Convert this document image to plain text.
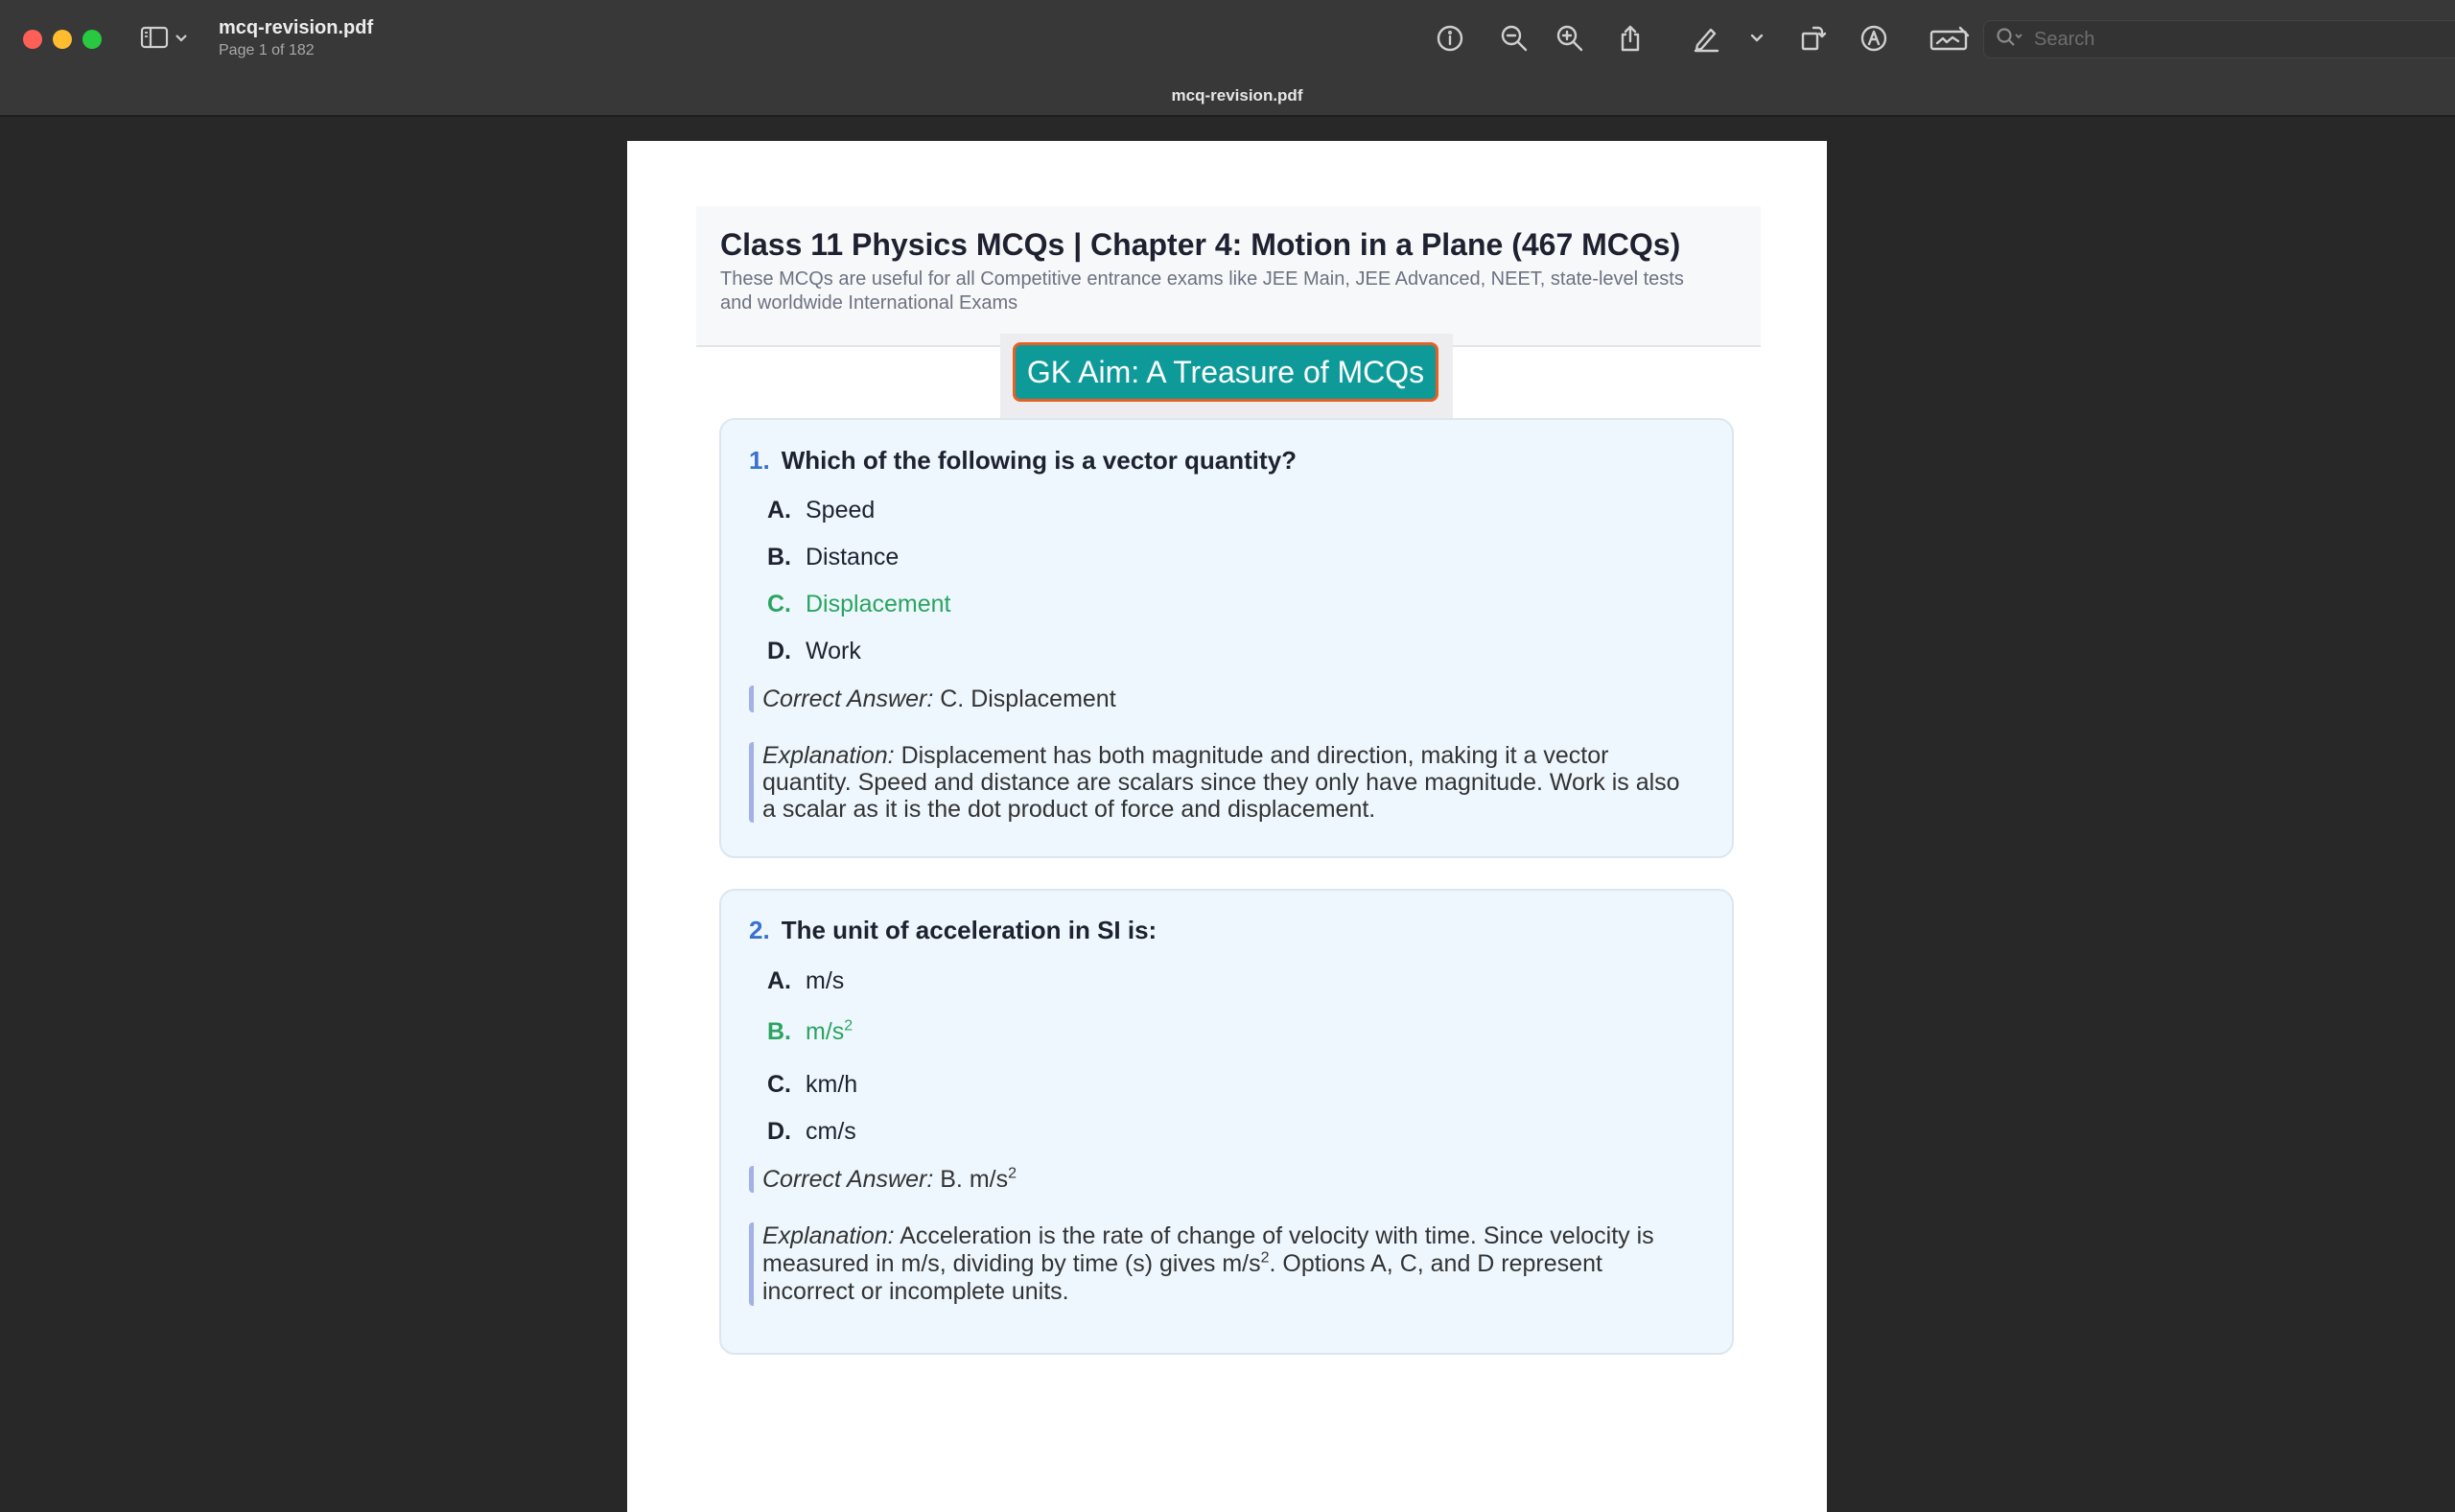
mcq-revision.pdf
Page 1 of 182
Search
mcq-revision.pdf
Class 11 Physics MCQs | Chapter 4: Motion in a Plane (467 MCQs)
These MCQs are useful for all Competitive entrance exams like JEE Main, JEE Advanced, NEET, state-level tests and worldwide International Exams
GK Aim: A Treasure of MCQs
1. Which of the following is a vector quantity?
A. Speed
B. Distance
C. Displacement
D. Work
Correct Answer: C. Displacement
Explanation: Displacement has both magnitude and direction, making it a vector quantity. Speed and distance are scalars since they only have magnitude. Work is also a scalar as it is the dot product of force and displacement.
2. The unit of acceleration in SI is:
A. m/s
B. $m/s^2$
C. km/h
D. cm/s
Correct Answer: B. $m/s^2$
Explanation: Acceleration is the rate of change of velocity with time. Since velocity is measured in m/s, dividing by time (s) gives $m/s^2$. Options A, C, and D represent incorrect or incomplete units.
